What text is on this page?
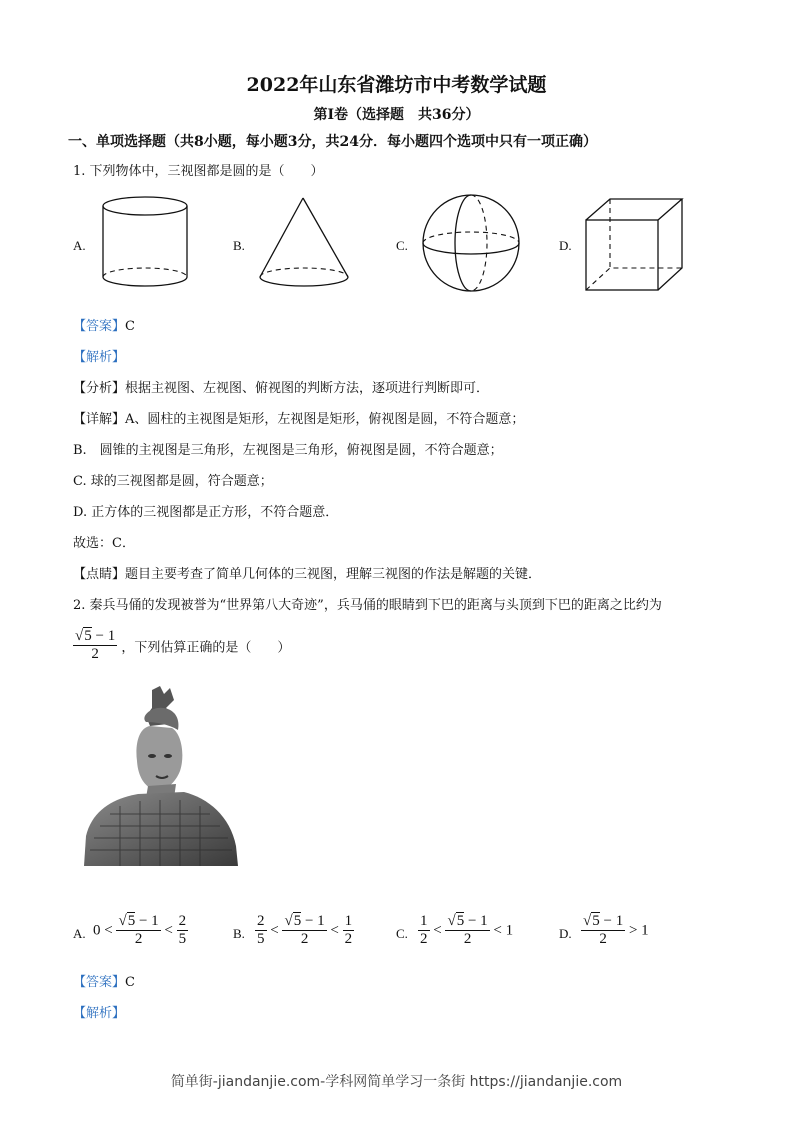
2022年山东省潍坊市中考数学试题
第Ⅰ卷（选择题　共36分）
一、单项选择题（共8小题，每小题3分，共24分．每小题四个选项中只有一项正确）
1. 下列物体中，三视图都是圆的是（　　）
A.	B.	C.	D.
【答案】C
【解析】
【分析】根据主视图、左视图、俯视图的判断方法，逐项进行判断即可．
【详解】A、圆柱的主视图是矩形，左视图是矩形，俯视图是圆，不符合题意；
B.　圆锥的主视图是三角形，左视图是三角形，俯视图是圆，不符合题意；
C. 球的三视图都是圆，符合题意；
D. 正方体的三视图都是正方形，不符合题意．
故选：C．
【点睛】题目主要考查了简单几何体的三视图，理解三视图的作法是解题的关键．
2. 秦兵马俑的发现被誉为“世界第八大奇迹”，兵马俑的眼睛到下巴的距离与头顶到下巴的距离之比约为
$\frac{√5 - 1}{2}$ ，下列估算正确的是（　　）
A. $0 < \frac{√5 - 1}{2} < \frac{2}{5}$	B. $\frac{2}{5} < \frac{√5 - 1}{2} < \frac{1}{2}$	C. $\frac{1}{2} < \frac{√5 - 1}{2} < 1$	D. $\frac{√5 - 1}{2} > 1$
【答案】C
【解析】
简单街-jiandanjie.com-学科网简单学习一条街 https://jiandanjie.com
